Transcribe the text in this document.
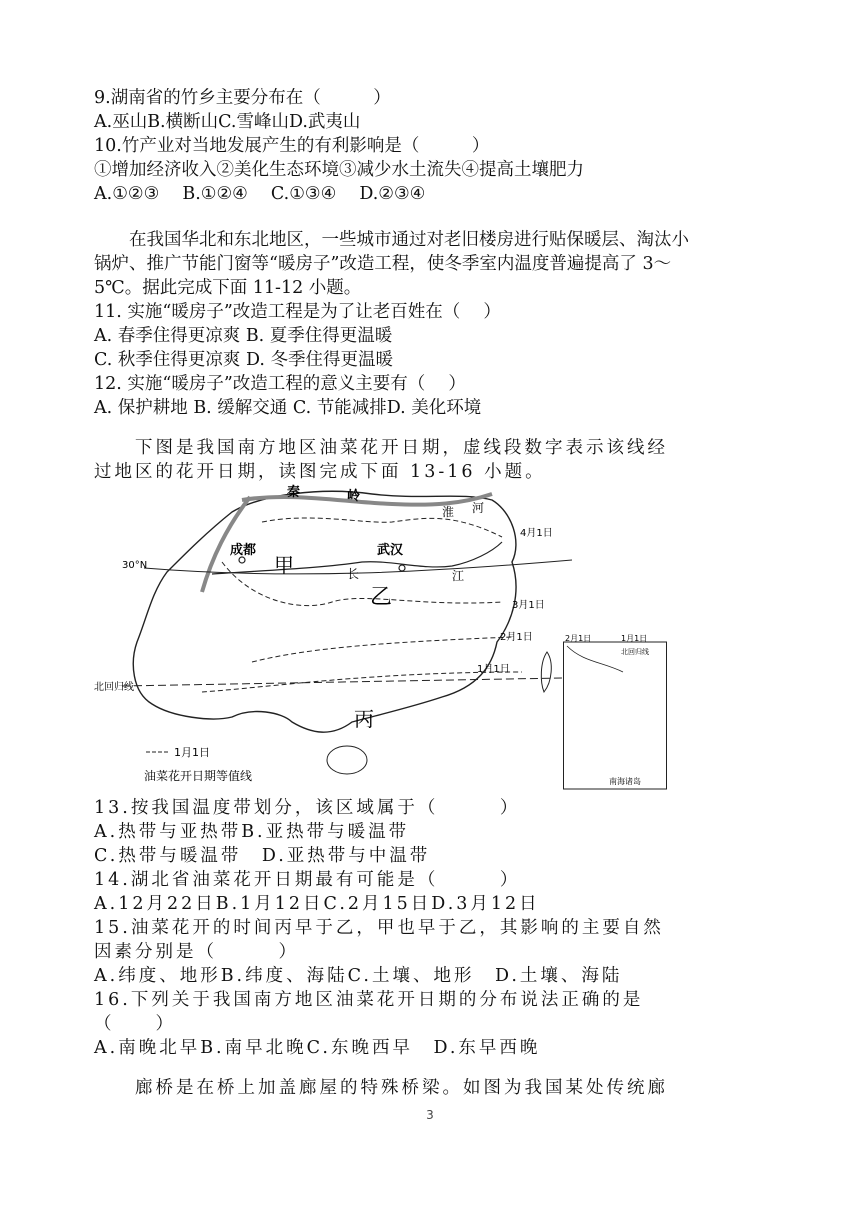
9.湖南省的竹乡主要分布在（　　　）
A.巫山B.横断山C.雪峰山D.武夷山
10.竹产业对当地发展产生的有利影响是（　　　）
①增加经济收入②美化生态环境③减少水土流失④提高土壤肥力
A.①②③　 B.①②④　 C.①③④　 D.②③④
　　在我国华北和东北地区，一些城市通过对老旧楼房进行贴保暖层、淘汰小
锅炉、推广节能门窗等“暖房子”改造工程，使冬季室内温度普遍提高了 3～
5℃。据此完成下面 11-12 小题。
11. 实施“暖房子”改造工程是为了让老百姓在（　 ）
A. 春季住得更凉爽 B. 夏季住得更温暖
C. 秋季住得更凉爽 D. 冬季住得更温暖
12. 实施“暖房子”改造工程的意义主要有（　 ）
A. 保护耕地 B. 缓解交通 C. 节能减排D. 美化环境
　　下图是我国南方地区油菜花开日期，虚线段数字表示该线经
过地区的花开日期，读图完成下面 13-16 小题。
秦	岭
淮 河
成都
甲
武汉
长	江
乙
丙
30°N
北回归线
4月1日
3月1日
2月1日
1月1日
1月1日
油菜花开日期等值线
2月1日	1月1日
北回归线
南海诸岛
13.按我国温度带划分，该区域属于（　　　）
A.热带与亚热带B.亚热带与暖温带
C.热带与暖温带　D.亚热带与中温带
14.湖北省油菜花开日期最有可能是（　　　）
A.12月22日B.1月12日C.2月15日D.3月12日
15.油菜花开的时间丙早于乙，甲也早于乙，其影响的主要自然
因素分别是（　　　）
A.纬度、地形B.纬度、海陆C.土壤、地形　D.土壤、海陆
16.下列关于我国南方地区油菜花开日期的分布说法正确的是
（　　）
A.南晚北早B.南早北晚C.东晚西早　D.东早西晚
　　廊桥是在桥上加盖廊屋的特殊桥梁。如图为我国某处传统廊
3
